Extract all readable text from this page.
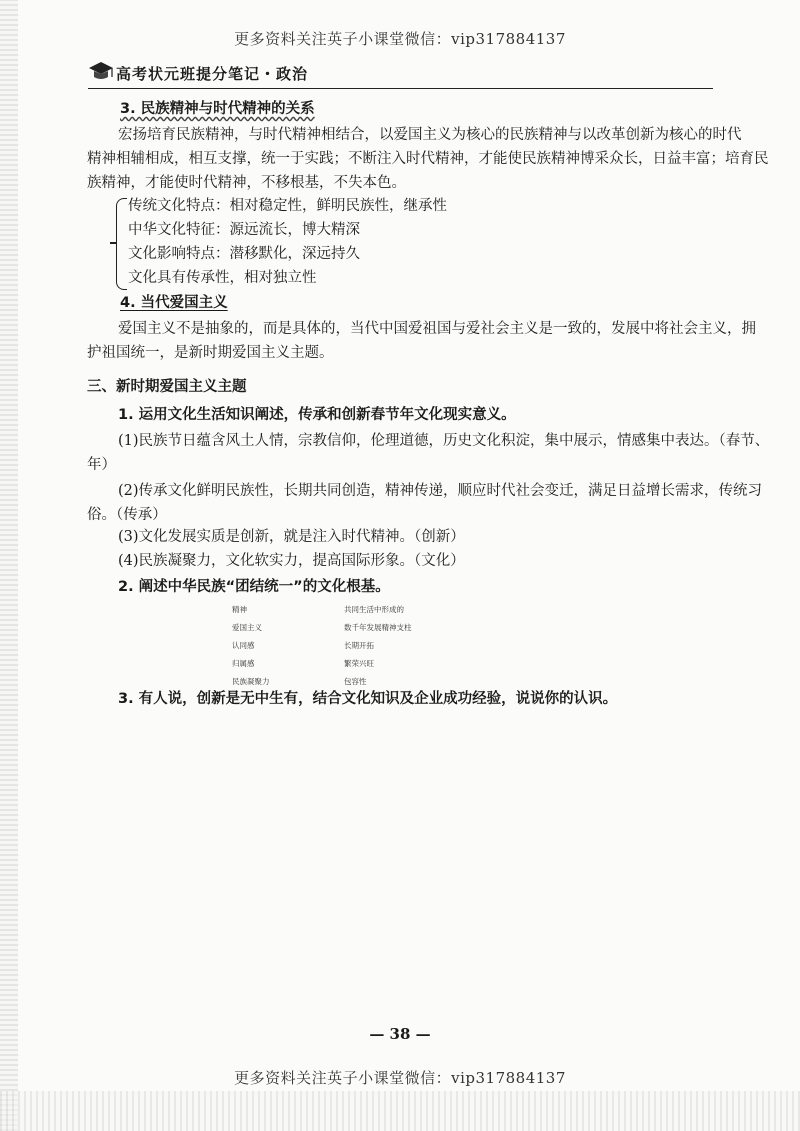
更多资料关注英子小课堂微信：vip317884137
高考状元班提分笔记・政治
3. 民族精神与时代精神的关系
宏扬培育民族精神，与时代精神相结合，以爱国主义为核心的民族精神与以改革创新为核心的时代
精神相辅相成，相互支撑，统一于实践；不断注入时代精神，才能使民族精神博采众长，日益丰富；培育民
族精神，才能使时代精神，不移根基，不失本色。
传统文化特点：相对稳定性，鲜明民族性，继承性
中华文化特征：源远流长，博大精深
文化影响特点：潜移默化，深远持久
文化具有传承性，相对独立性
4. 当代爱国主义
爱国主义不是抽象的，而是具体的，当代中国爱祖国与爱社会主义是一致的，发展中将社会主义，拥
护祖国统一，是新时期爱国主义主题。
三、新时期爱国主义主题
1. 运用文化生活知识阐述，传承和创新春节年文化现实意义。
(1)民族节日蕴含风土人情，宗教信仰，伦理道德，历史文化积淀，集中展示，情感集中表达。（春节、
年）
(2)传承文化鲜明民族性，长期共同创造，精神传递，顺应时代社会变迁，满足日益增长需求，传统习
俗。（传承）
(3)文化发展实质是创新，就是注入时代精神。（创新）
(4)民族凝聚力，文化软实力，提高国际形象。（文化）
2. 阐述中华民族“团结统一”的文化根基。
精神
爱国主义
认同感
归属感
民族凝聚力
共同生活中形成的
数千年发展精神支柱
长期开拓
繁荣兴旺
包容性
3. 有人说，创新是无中生有，结合文化知识及企业成功经验，说说你的认识。
— 38 —
更多资料关注英子小课堂微信：vip317884137
